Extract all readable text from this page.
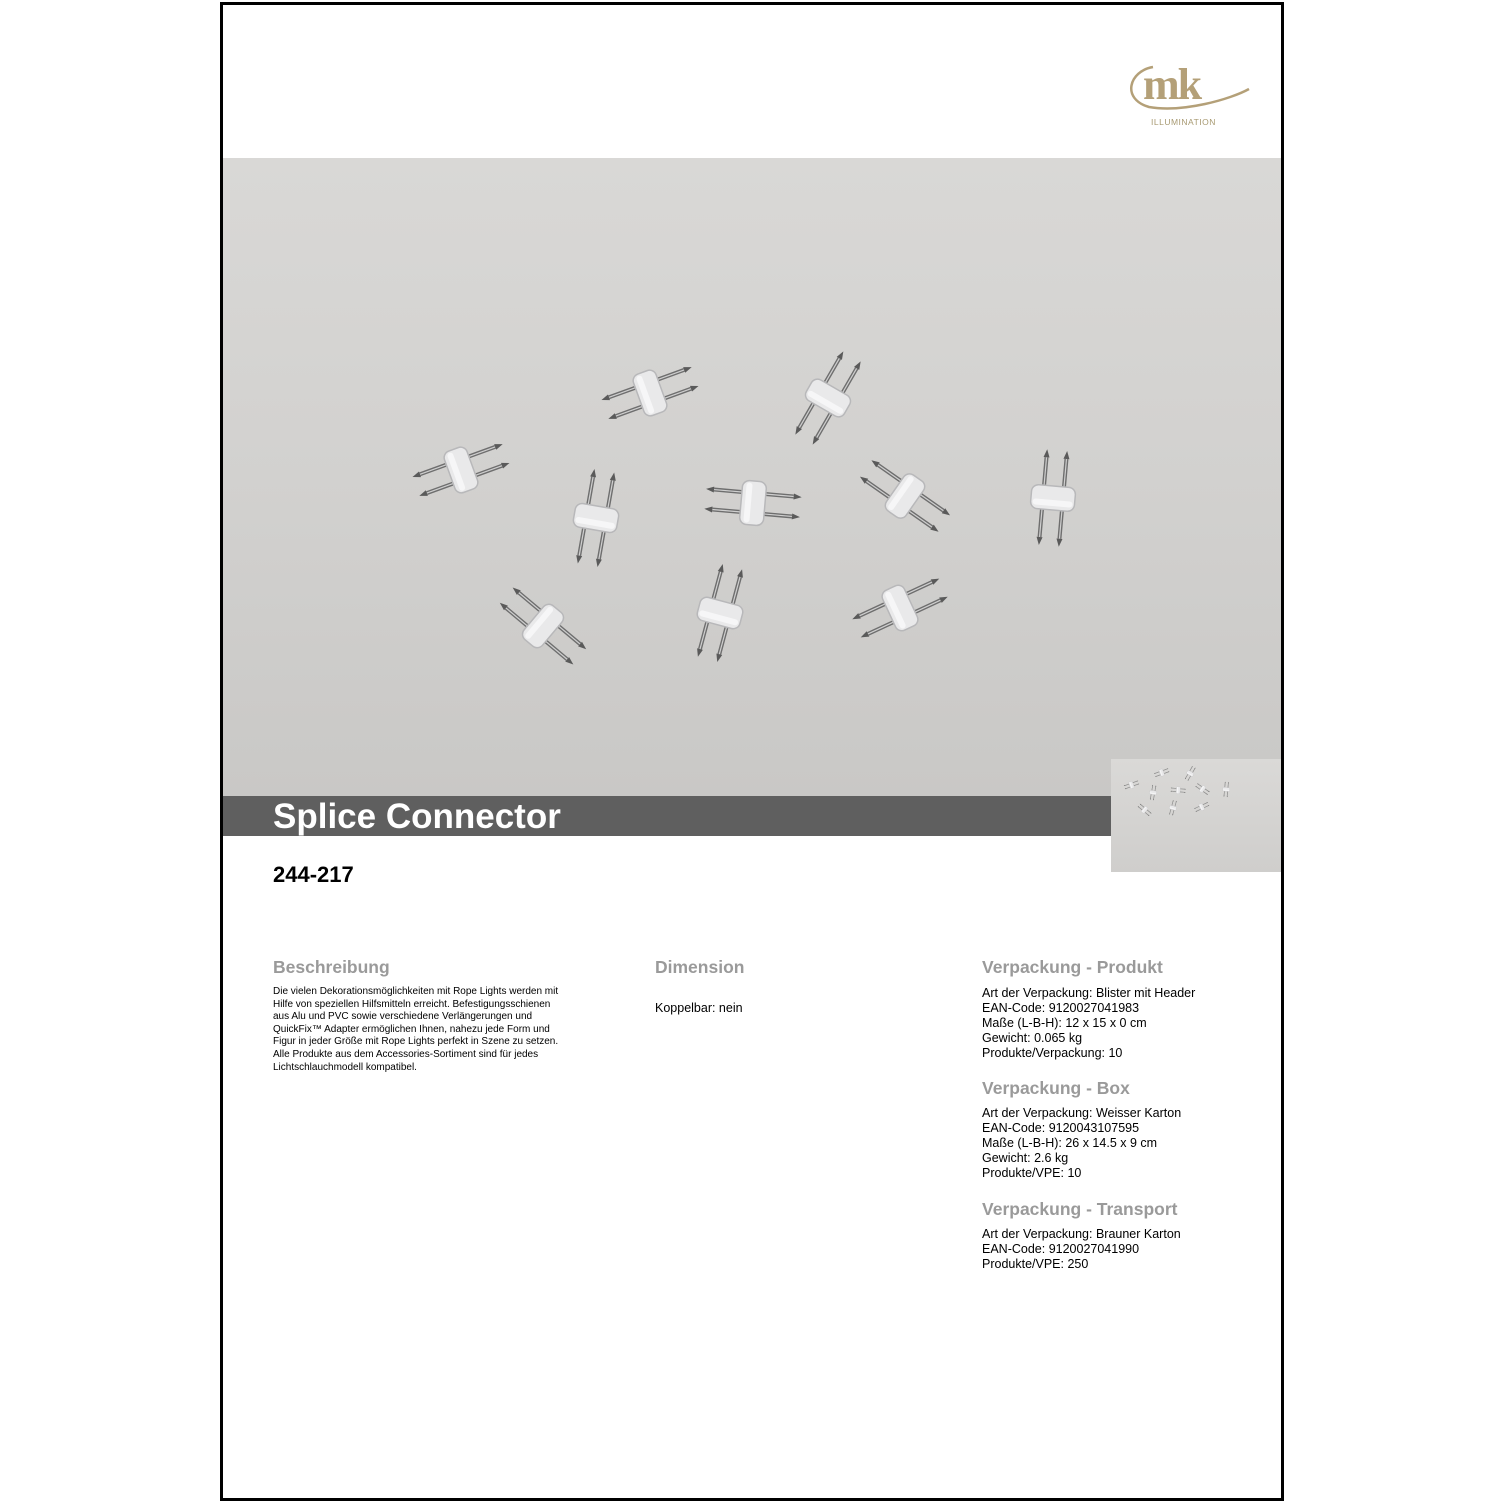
mk
ILLUMINATION
Splice Connector
244-217
Beschreibung
Die vielen Dekorationsmöglichkeiten mit Rope Lights werden mit Hilfe von speziellen Hilfsmitteln erreicht. Befestigungsschienen aus Alu und PVC sowie verschiedene Verlängerungen und QuickFix™ Adapter ermöglichen Ihnen, nahezu jede Form und Figur in jeder Größe mit Rope Lights perfekt in Szene zu setzen. Alle Produkte aus dem Accessories-Sortiment sind für jedes Lichtschlauchmodell kompatibel.
Dimension
Koppelbar: nein
Verpackung - Produkt
Art der Verpackung: Blister mit Header
EAN-Code: 9120027041983
Maße (L-B-H): 12 x 15 x 0 cm
Gewicht: 0.065 kg
Produkte/Verpackung: 10
Verpackung - Box
Art der Verpackung: Weisser Karton
EAN-Code: 9120043107595
Maße (L-B-H): 26 x 14.5 x 9 cm
Gewicht: 2.6 kg
Produkte/VPE: 10
Verpackung - Transport
Art der Verpackung: Brauner Karton
EAN-Code: 9120027041990
Produkte/VPE: 250
